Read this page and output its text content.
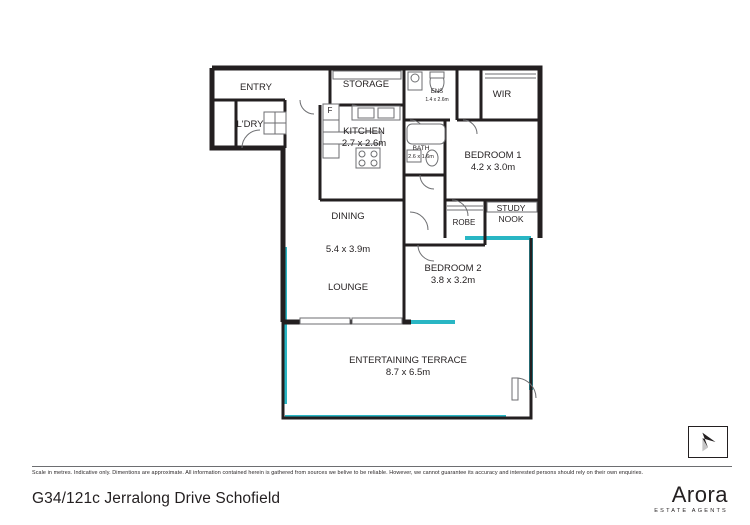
ENTRY	STORAGE
L'DRY
F
KITCHEN
2.7 x 2.6m
ENS
1.4 x 2.6m	WIR
BATH
2.6 x 1.6m	BEDROOM 1
4.2 x 3.0m
DINING
5.4 x 3.9m
ROBE
STUDY
NOOK
BEDROOM 2
3.8 x 3.2m
LOUNGE
ENTERTAINING TERRACE
8.7 x 6.5m
Scale in metres. Indicative only. Dimentions are approximate. All information contained herein is gathered from sources we belive to be reliable. However, we cannot guarantee its accuracy and interested persons should rely on their own enquiries.
G34/121c Jerralong Drive Schofield	Arora
ESTATE AGENTS
